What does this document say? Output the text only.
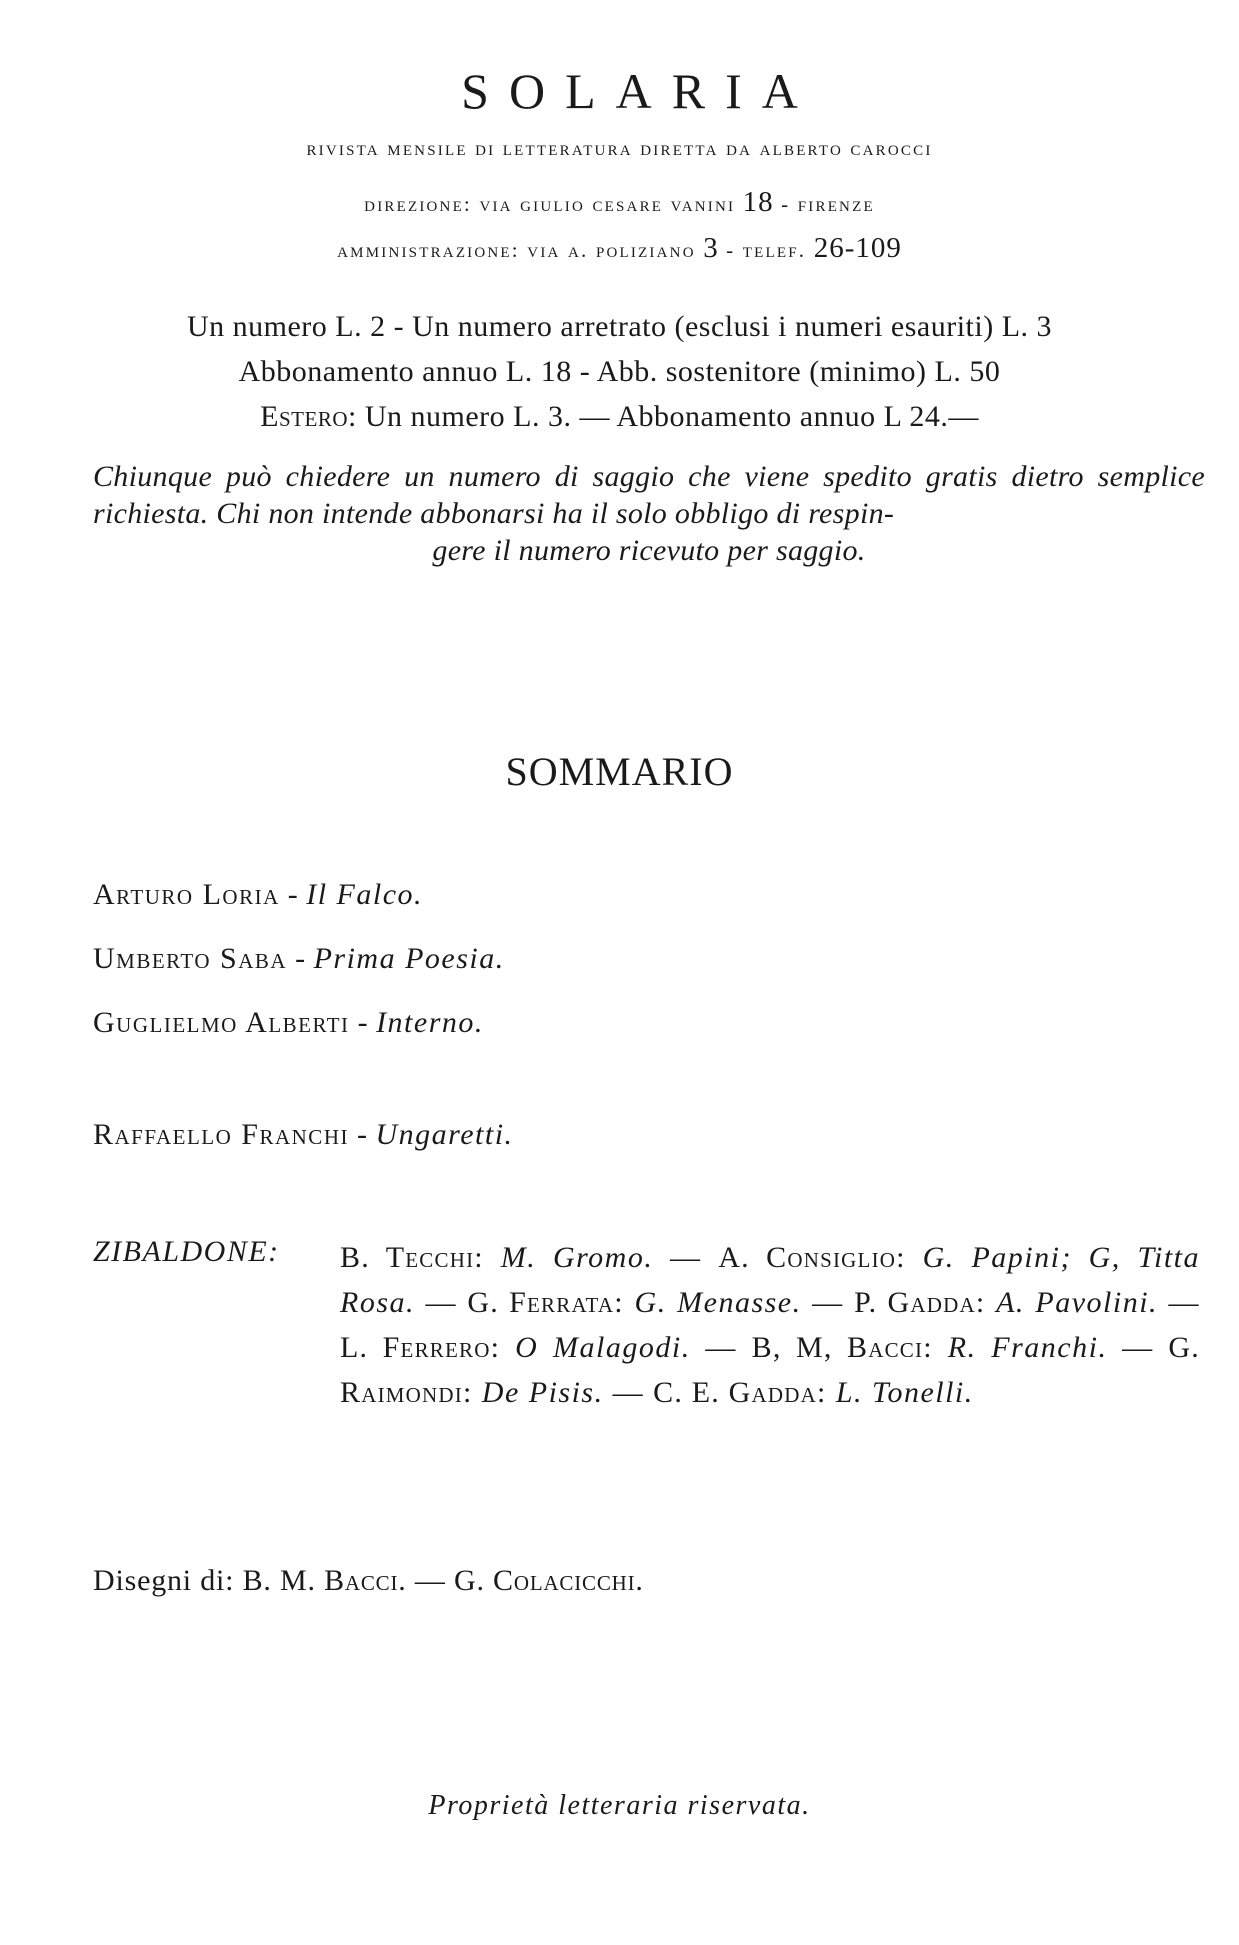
SOLARIA
rivista mensile di letteratura diretta da alberto carocci
direzione: via giulio cesare vanini 18 - firenze
amministrazione: via a. poliziano 3 - telef. 26-109
Un numero L. 2 - Un numero arretrato (esclusi i numeri esauriti) L. 3
Abbonamento annuo L. 18 - Abb. sostenitore (minimo) L. 50
Estero: Un numero L. 3. — Abbonamento annuo L 24.—
Chiunque può chiedere un numero di saggio che viene spedito gratis dietro semplice richiesta. Chi non intende abbonarsi ha il solo obbligo di respin-
gere il numero ricevuto per saggio.
SOMMARIO
Arturo Loria - Il Falco.
Umberto Saba - Prima Poesia.
Guglielmo Alberti - Interno.
Raffaello Franchi - Ungaretti.
ZIBALDONE: B. Tecchi: M. Gromo. — A. Consiglio: G. Papini; G, Titta Rosa. — G. Ferrata: G. Menasse. — P. Gadda: A. Pavolini. — L. Ferrero: O Malagodi. — B, M, Bacci: R. Franchi. — G. Raimondi: De Pisis. — C. E. Gadda: L. Tonelli.
Disegni di: B. M. Bacci. — G. Colacicchi.
Proprietà letteraria riservata.
